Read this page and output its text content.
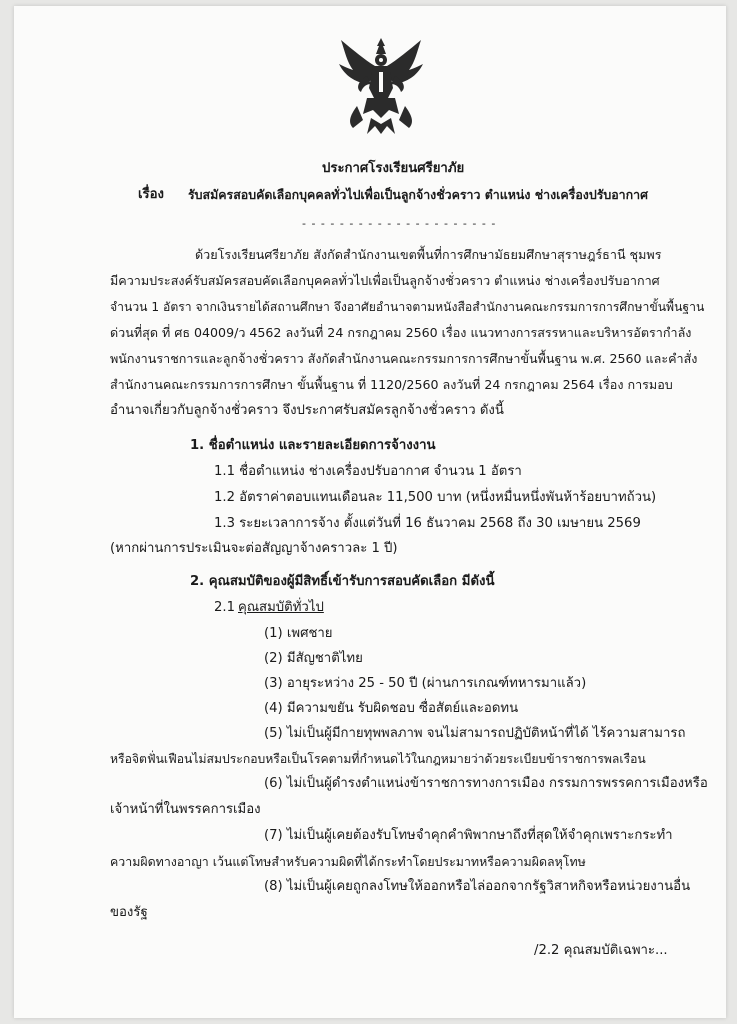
ประกาศโรงเรียนศรียาภัย
เรื่อง รับสมัครสอบคัดเลือกบุคคลทั่วไปเพื่อเป็นลูกจ้างชั่วคราว ตำแหน่ง ช่างเครื่องปรับอากาศ
- - - - - - - - - - - - - - - - - - - - -
ด้วยโรงเรียนศรียาภัย สังกัดสำนักงานเขตพื้นที่การศึกษามัธยมศึกษาสุราษฎร์ธานี ชุมพร
มีความประสงค์รับสมัครสอบคัดเลือกบุคคลทั่วไปเพื่อเป็นลูกจ้างชั่วคราว ตำแหน่ง ช่างเครื่องปรับอากาศ
จำนวน 1 อัตรา จากเงินรายได้สถานศึกษา จึงอาศัยอำนาจตามหนังสือสำนักงานคณะกรรมการการศึกษาขั้นพื้นฐาน
ด่วนที่สุด ที่ ศธ 04009/ว 4562 ลงวันที่ 24 กรกฎาคม 2560 เรื่อง แนวทางการสรรหาและบริหารอัตรากำลัง
พนักงานราชการและลูกจ้างชั่วคราว สังกัดสำนักงานคณะกรรมการการศึกษาขั้นพื้นฐาน พ.ศ. 2560 และคำสั่ง
สำนักงานคณะกรรมการการศึกษา ขั้นพื้นฐาน ที่ 1120/2560 ลงวันที่ 24 กรกฎาคม 2564 เรื่อง การมอบ
อำนาจเกี่ยวกับลูกจ้างชั่วคราว จึงประกาศรับสมัครลูกจ้างชั่วคราว ดังนี้
1. ชื่อตำแหน่ง และรายละเอียดการจ้างงาน
1.1 ชื่อตำแหน่ง ช่างเครื่องปรับอากาศ จำนวน 1 อัตรา
1.2 อัตราค่าตอบแทนเดือนละ 11,500 บาท (หนึ่งหมื่นหนึ่งพันห้าร้อยบาทถ้วน)
1.3 ระยะเวลาการจ้าง ตั้งแต่วันที่ 16 ธันวาคม 2568 ถึง 30 เมษายน 2569
(หากผ่านการประเมินจะต่อสัญญาจ้างคราวละ 1 ปี)
2. คุณสมบัติของผู้มีสิทธิ์เข้ารับการสอบคัดเลือก มีดังนี้
2.1 คุณสมบัติทั่วไป
(1) เพศชาย
(2) มีสัญชาติไทย
(3) อายุระหว่าง 25 - 50 ปี (ผ่านการเกณฑ์ทหารมาแล้ว)
(4) มีความขยัน รับผิดชอบ ซื่อสัตย์และอดทน
(5) ไม่เป็นผู้มีกายทุพพลภาพ จนไม่สามารถปฏิบัติหน้าที่ได้ ไร้ความสามารถ
หรือจิตฟั่นเฟือนไม่สมประกอบหรือเป็นโรคตามที่กำหนดไว้ในกฎหมายว่าด้วยระเบียบข้าราชการพลเรือน
(6) ไม่เป็นผู้ดำรงตำแหน่งข้าราชการทางการเมือง กรรมการพรรคการเมืองหรือ
เจ้าหน้าที่ในพรรคการเมือง
(7) ไม่เป็นผู้เคยต้องรับโทษจำคุกคำพิพากษาถึงที่สุดให้จำคุกเพราะกระทำ
ความผิดทางอาญา เว้นแต่โทษสำหรับความผิดที่ได้กระทำโดยประมาทหรือความผิดลหุโทษ
(8) ไม่เป็นผู้เคยถูกลงโทษให้ออกหรือไล่ออกจากรัฐวิสาหกิจหรือหน่วยงานอื่น
ของรัฐ
/2.2 คุณสมบัติเฉพาะ...
